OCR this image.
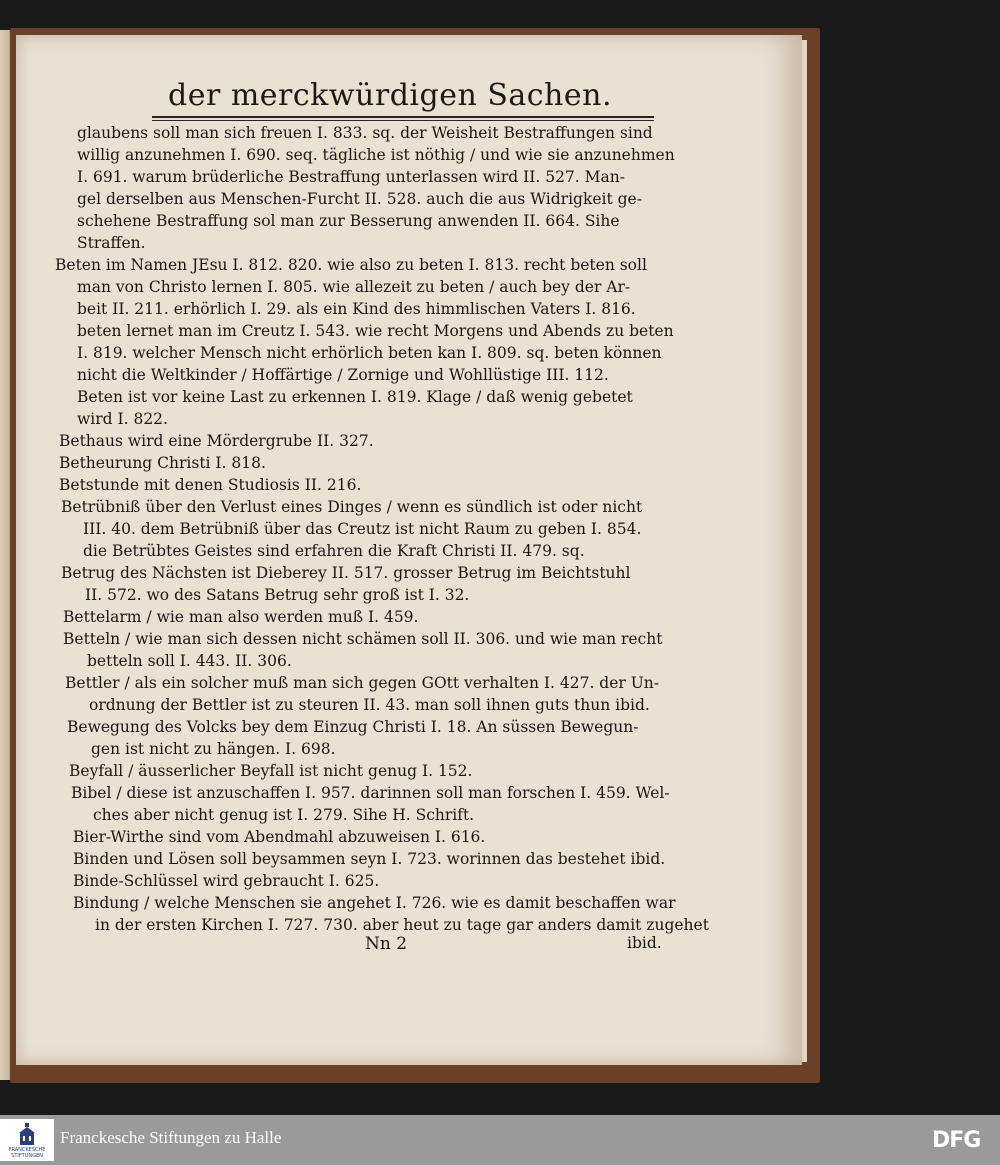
der merckwürdigen Sachen.
glaubens soll man sich freuen I. 833. sq. der Weisheit Bestraffungen sind
willig anzunehmen I. 690. seq. tägliche ist nöthig / und wie sie anzunehmen
I. 691. warum brüderliche Bestraffung unterlassen wird II. 527. Man-
gel derselben aus Menschen-Furcht II. 528. auch die aus Widrigkeit ge-
schehene Bestraffung sol man zur Besserung anwenden II. 664. Sihe
Straffen.
Beten im Namen JEsu I. 812. 820. wie also zu beten I. 813. recht beten soll
man von Christo lernen I. 805. wie allezeit zu beten / auch bey der Ar-
beit II. 211. erhörlich I. 29. als ein Kind des himmlischen Vaters I. 816.
beten lernet man im Creutz I. 543. wie recht Morgens und Abends zu beten
I. 819. welcher Mensch nicht erhörlich beten kan I. 809. sq. beten können
nicht die Weltkinder / Hoffärtige / Zornige und Wohllüstige III. 112.
Beten ist vor keine Last zu erkennen I. 819. Klage / daß wenig gebetet
wird I. 822.
Bethaus wird eine Mördergrube II. 327.
Betheurung Christi I. 818.
Betstunde mit denen Studiosis II. 216.
Betrübniß über den Verlust eines Dinges / wenn es sündlich ist oder nicht
III. 40. dem Betrübniß über das Creutz ist nicht Raum zu geben I. 854.
die Betrübtes Geistes sind erfahren die Kraft Christi II. 479. sq.
Betrug des Nächsten ist Dieberey II. 517. grosser Betrug im Beichtstuhl
II. 572. wo des Satans Betrug sehr groß ist I. 32.
Bettelarm / wie man also werden muß I. 459.
Betteln / wie man sich dessen nicht schämen soll II. 306. und wie man recht
betteln soll I. 443. II. 306.
Bettler / als ein solcher muß man sich gegen GOtt verhalten I. 427. der Un-
ordnung der Bettler ist zu steuren II. 43. man soll ihnen guts thun ibid.
Bewegung des Volcks bey dem Einzug Christi I. 18. An süssen Bewegun-
gen ist nicht zu hängen. I. 698.
Beyfall / äusserlicher Beyfall ist nicht genug I. 152.
Bibel / diese ist anzuschaffen I. 957. darinnen soll man forschen I. 459. Wel-
ches aber nicht genug ist I. 279. Sihe H. Schrift.
Bier-Wirthe sind vom Abendmahl abzuweisen I. 616.
Binden und Lösen soll beysammen seyn I. 723. worinnen das bestehet ibid.
Binde-Schlüssel wird gebraucht I. 625.
Bindung / welche Menschen sie angehet I. 726. wie es damit beschaffen war
in der ersten Kirchen I. 727. 730. aber heut zu tage gar anders damit zugehet
Nn 2	ibid.
FRANCKESCHE STIFTUNGEN
Franckesche Stiftungen zu Halle	DFG
